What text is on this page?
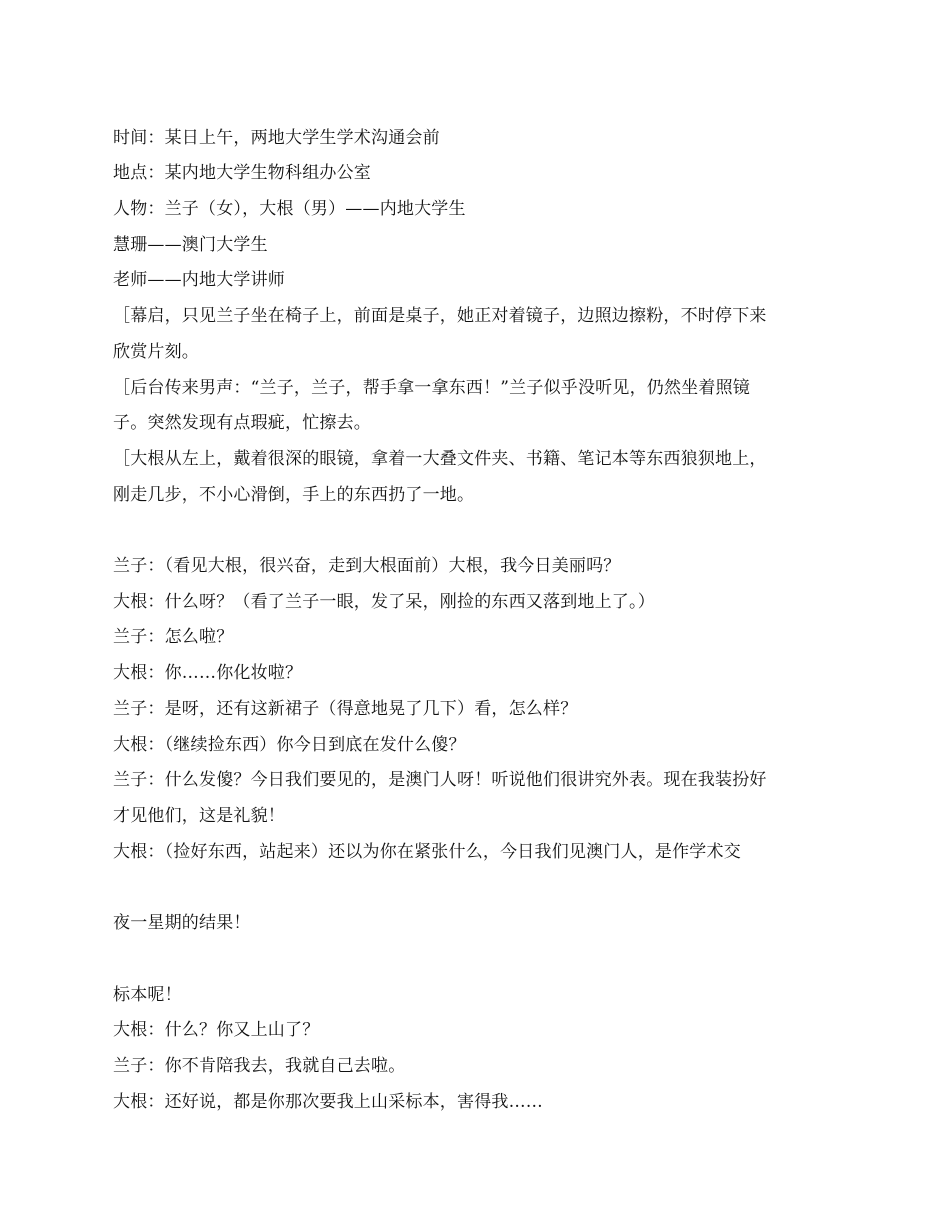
时间：某日上午，两地大学生学术沟通会前
地点：某内地大学生物科组办公室
人物：兰子（女），大根（男）——内地大学生
慧珊——澳门大学生
老师——内地大学讲师
［幕启，只见兰子坐在椅子上，前面是桌子，她正对着镜子，边照边擦粉，不时停下来
欣赏片刻。
［后台传来男声：“兰子，兰子，帮手拿一拿东西！”兰子似乎没听见，仍然坐着照镜
子。突然发现有点瑕疵，忙擦去。
［大根从左上，戴着很深的眼镜，拿着一大叠文件夹、书籍、笔记本等东西狼狈地上，
刚走几步，不小心滑倒，手上的东西扔了一地。
兰子：（看见大根，很兴奋，走到大根面前）大根，我今日美丽吗？
大根：什么呀？（看了兰子一眼，发了呆，刚捡的东西又落到地上了。）
兰子：怎么啦？
大根：你……你化妆啦？
兰子：是呀，还有这新裙子（得意地晃了几下）看，怎么样？
大根：（继续捡东西）你今日到底在发什么傻？
兰子：什么发傻？今日我们要见的，是澳门人呀！听说他们很讲究外表。现在我装扮好
才见他们，这是礼貌！
大根：（捡好东西，站起来）还以为你在紧张什么，今日我们见澳门人，是作学术交
夜一星期的结果！
标本呢！
大根：什么？你又上山了？
兰子：你不肯陪我去，我就自己去啦。
大根：还好说，都是你那次要我上山采标本，害得我……
